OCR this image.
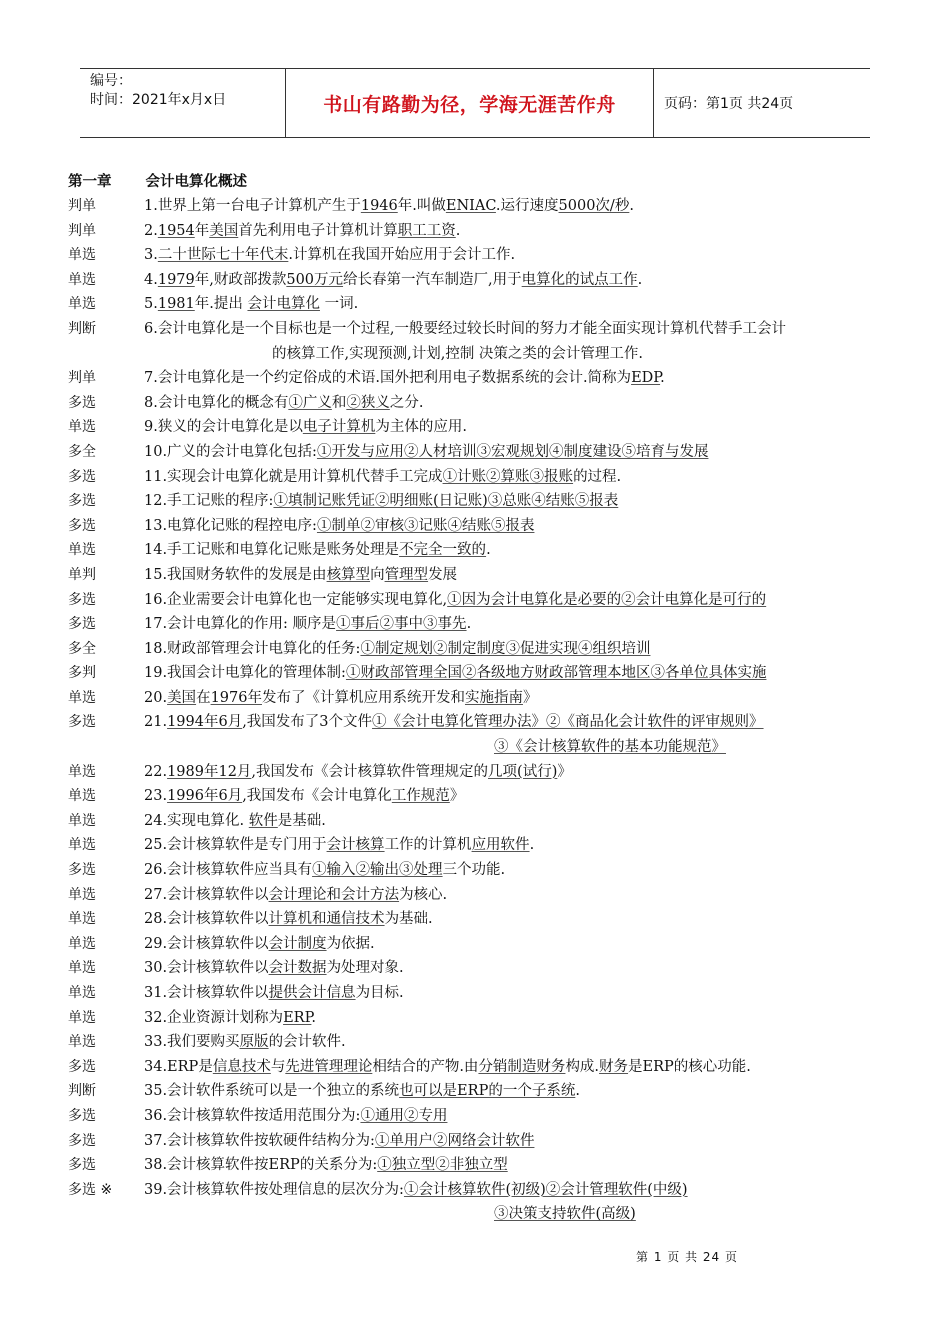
编号：
时间：2021年x月x日	书山有路勤为径，学海无涯苦作舟	页码：第1页 共24页
第一章 会计电算化概述
判单	1.世界上第一台电子计算机产生于1946年.叫做ENIAC.运行速度5000次/秒.
判单	2.1954年美国首先利用电子计算机计算职工工资.
单选	3.二十世际七十年代末.计算机在我国开始应用于会计工作.
单选	4.1979年,财政部拨款500万元给长春第一汽车制造厂,用于电算化的试点工作.
单选	5.1981年.提出 会计电算化 一词.
判断	6.会计电算化是一个目标也是一个过程,一般要经过较长时间的努力才能全面实现计算机代替手工会计
的核算工作,实现预测,计划,控制 决策之类的会计管理工作.
判单	7.会计电算化是一个约定俗成的术语.国外把利用电子数据系统的会计.简称为EDP.
多选	8.会计电算化的概念有①广义和②狭义之分.
单选	9.狭义的会计电算化是以电子计算机为主体的应用.
多全	10.广义的会计电算化包括:①开发与应用②人材培训③宏观规划④制度建设⑤培育与发展
多选	11.实现会计电算化就是用计算机代替手工完成①计账②算账③报账的过程.
多选	12.手工记账的程序:①填制记账凭证②明细账(日记账)③总账④结账⑤报表
多选	13.电算化记账的程控电序:①制单②审核③记账④结账⑤报表
单选	14.手工记账和电算化记账是账务处理是不完全一致的.
单判	15.我国财务软件的发展是由核算型向管理型发展
多选	16.企业需要会计电算化也一定能够实现电算化,①因为会计电算化是必要的②会计电算化是可行的
多选	17.会计电算化的作用: 顺序是①事后②事中③事先.
多全	18.财政部管理会计电算化的任务:①制定规划②制定制度③促进实现④组织培训
多判	19.我国会计电算化的管理体制:①财政部管理全国②各级地方财政部管理本地区③各单位具体实施
单选	20.美国在1976年发布了《计算机应用系统开发和实施指南》
多选	21.1994年6月,我国发布了3个文件①《会计电算化管理办法》②《商品化会计软件的评审规则》
③《会计核算软件的基本功能规范》
单选	22.1989年12月,我国发布《会计核算软件管理规定的几项(试行)》
单选	23.1996年6月,我国发布《会计电算化工作规范》
单选	24.实现电算化. 软件是基础.
单选	25.会计核算软件是专门用于会计核算工作的计算机应用软件.
多选	26.会计核算软件应当具有①输入②输出③处理三个功能.
单选	27.会计核算软件以会计理论和会计方法为核心.
单选	28.会计核算软件以计算机和通信技术为基础.
单选	29.会计核算软件以会计制度为依据.
单选	30.会计核算软件以会计数据为处理对象.
单选	31.会计核算软件以提供会计信息为目标.
单选	32.企业资源计划称为ERP.
单选	33.我们要购买原版的会计软件.
多选	34.ERP是信息技术与先进管理理论相结合的产物.由分销制造财务构成.财务是ERP的核心功能.
判断	35.会计软件系统可以是一个独立的系统也可以是ERP的一个子系统.
多选	36.会计核算软件按适用范围分为:①通用②专用
多选	37.会计核算软件按软硬件结构分为:①单用户②网络会计软件
多选	38.会计核算软件按ERP的关系分为:①独立型②非独立型
多选 ※	39.会计核算软件按处理信息的层次分为:①会计核算软件(初级)②会计管理软件(中级)
③决策支持软件(高级)
第 1 页 共 24 页
